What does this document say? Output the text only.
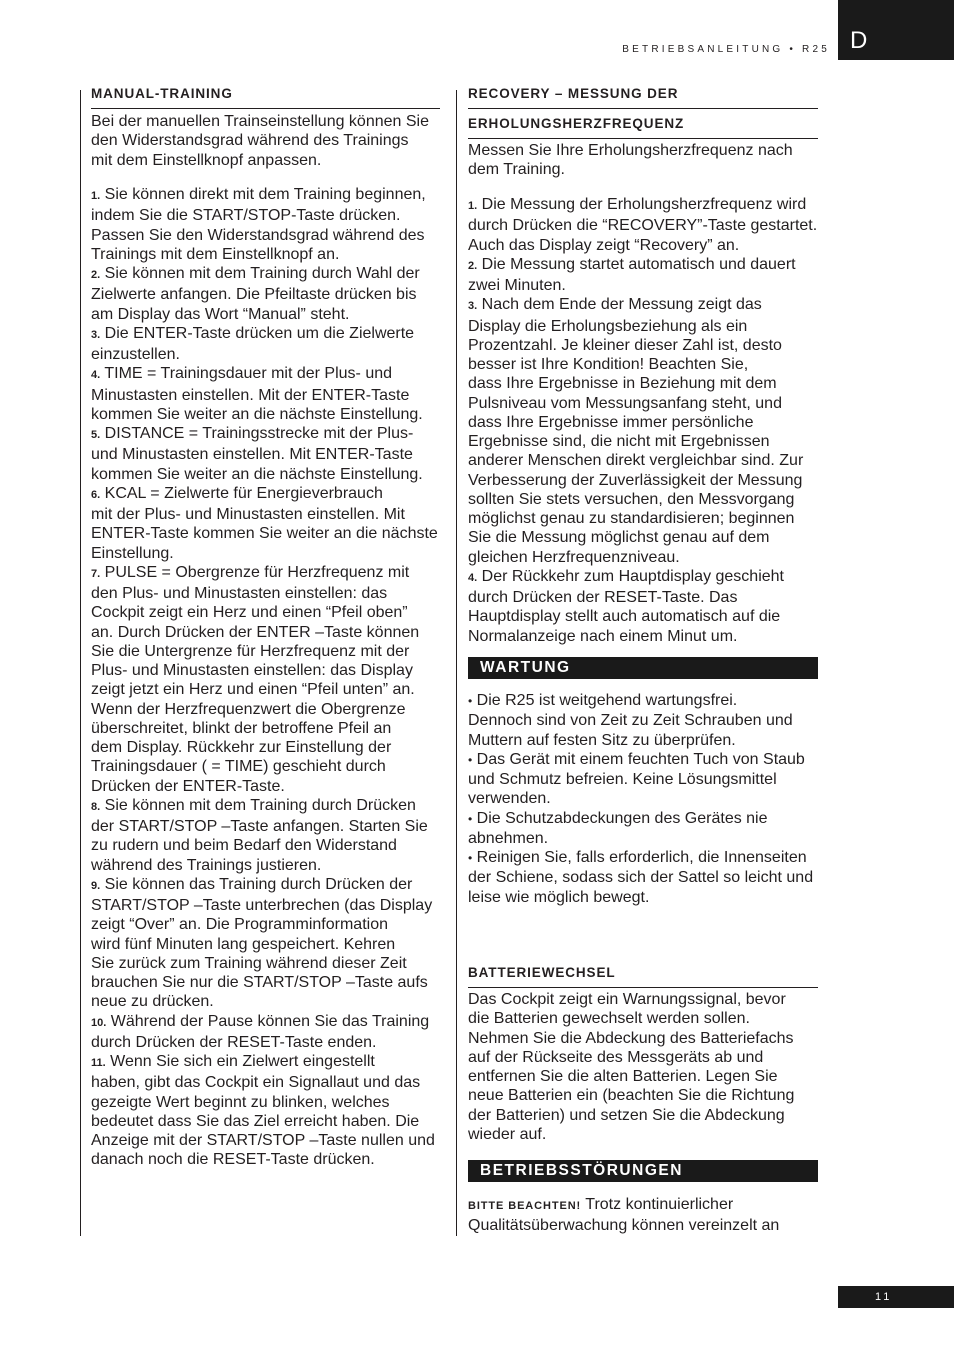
BETRIEBSANLEITUNG • R25 D
MANUAL-TRAINING
Bei der manuellen Trainseinstellung können Sie
den Widerstandsgrad während des Trainings
mit dem Einstellknopf anpassen.
1. Sie können direkt mit dem Training beginnen,
indem Sie die START/STOP-Taste drücken.
Passen Sie den Widerstandsgrad während des
Trainings mit dem Einstellknopf an.
2. Sie können mit dem Training durch Wahl der
Zielwerte anfangen. Die Pfeiltaste drücken bis
am Display das Wort “Manual” steht.
3. Die ENTER-Taste drücken um die Zielwerte
einzustellen.
4. TIME = Trainingsdauer mit der Plus- und
Minustasten einstellen. Mit der ENTER-Taste
kommen Sie weiter an die nächste Einstellung.
5. DISTANCE = Trainingsstrecke mit der Plus-
und Minustasten einstellen. Mit ENTER-Taste
kommen Sie weiter an die nächste Einstellung.
6. KCAL = Zielwerte für Energieverbrauch
mit der Plus- und Minustasten einstellen. Mit
ENTER-Taste kommen Sie weiter an die nächste
Einstellung.
7. PULSE = Obergrenze für Herzfrequenz mit
den Plus- und Minustasten einstellen: das
Cockpit zeigt ein Herz und einen “Pfeil oben”
an. Durch Drücken der ENTER –Taste können
Sie die Untergrenze für Herzfrequenz mit der
Plus- und Minustasten einstellen: das Display
zeigt jetzt ein Herz und einen “Pfeil unten” an.
Wenn der Herzfrequenzwert die Obergrenze
überschreitet, blinkt der betroffene Pfeil an
dem Display. Rückkehr zur Einstellung der
Trainingsdauer ( = TIME) geschieht durch
Drücken der ENTER-Taste.
8. Sie können mit dem Training durch Drücken
der START/STOP –Taste anfangen. Starten Sie
zu rudern und beim Bedarf den Widerstand
während des Trainings justieren.
9. Sie können das Training durch Drücken der
START/STOP –Taste unterbrechen (das Display
zeigt “Over” an. Die Programminformation
wird fünf Minuten lang gespeichert. Kehren
Sie zurück zum Training während dieser Zeit
brauchen Sie nur die START/STOP –Taste aufs
neue zu drücken.
10. Während der Pause können Sie das Training
durch Drücken der RESET-Taste enden.
11. Wenn Sie sich ein Zielwert eingestellt
haben, gibt das Cockpit ein Signallaut und das
gezeigte Wert beginnt zu blinken, welches
bedeutet dass Sie das Ziel erreicht haben. Die
Anzeige mit der START/STOP –Taste nullen und
danach noch die RESET-Taste drücken.
RECOVERY – MESSUNG DER
ERHOLUNGSHERZFREQUENZ
Messen Sie Ihre Erholungsherzfrequenz nach
dem Training.
1. Die Messung der Erholungsherzfrequenz wird
durch Drücken die “RECOVERY”-Taste gestartet.
Auch das Display zeigt “Recovery” an.
2. Die Messung startet automatisch und dauert
zwei Minuten.
3. Nach dem Ende der Messung zeigt das
Display die Erholungsbeziehung als ein
Prozentzahl. Je kleiner dieser Zahl ist, desto
besser ist Ihre Kondition! Beachten Sie,
dass Ihre Ergebnisse in Beziehung mit dem
Pulsniveau vom Messungsanfang steht, und
dass Ihre Ergebnisse immer persönliche
Ergebnisse sind, die nicht mit Ergebnissen
anderer Menschen direkt vergleichbar sind. Zur
Verbesserung der Zuverlässigkeit der Messung
sollten Sie stets versuchen, den Messvorgang
möglichst genau zu standardisieren; beginnen
Sie die Messung möglichst genau auf dem
gleichen Herzfrequenzniveau.
4. Der Rückkehr zum Hauptdisplay geschieht
durch Drücken der RESET-Taste. Das
Hauptdisplay stellt auch automatisch auf die
Normalanzeige nach einem Minut um.
WARTUNG
• Die R25 ist weitgehend wartungsfrei.
Dennoch sind von Zeit zu Zeit Schrauben und
Muttern auf festen Sitz zu überprüfen.
• Das Gerät mit einem feuchten Tuch von Staub
und Schmutz befreien. Keine Lösungsmittel
verwenden.
• Die Schutzabdeckungen des Gerätes nie
abnehmen.
• Reinigen Sie, falls erforderlich, die Innenseiten
der Schiene, sodass sich der Sattel so leicht und
leise wie möglich bewegt.
BATTERIEWECHSEL
Das Cockpit zeigt ein Warnungssignal, bevor
die Batterien gewechselt werden sollen.
Nehmen Sie die Abdeckung des Batteriefachs
auf der Rückseite des Messgeräts ab und
entfernen Sie die alten Batterien. Legen Sie
neue Batterien ein (beachten Sie die Richtung
der Batterien) und setzen Sie die Abdeckung
wieder auf.
BETRIEBSSTÖRUNGEN
BITTE BEACHTEN! Trotz kontinuierlicher
Qualitätsüberwachung können vereinzelt an
11
